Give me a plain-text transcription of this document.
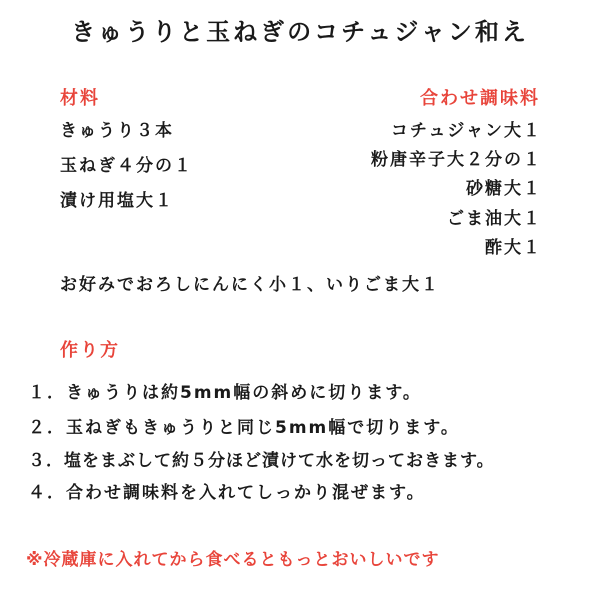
きゅうりと玉ねぎのコチュジャン和え
材料
きゅうり３本
玉ねぎ４分の１
漬け用塩大１
合わせ調味料
コチュジャン大１
粉唐辛子大２分の１
砂糖大１
ごま油大１
酢大１
お好みでおろしにんにく小１、いりごま大１
作り方
１．きゅうりは約5mm幅の斜めに切ります。
２．玉ねぎもきゅうりと同じ5mm幅で切ります。
３．塩をまぶして約５分ほど漬けて水を切っておきます。
４．合わせ調味料を入れてしっかり混ぜます。
※冷蔵庫に入れてから食べるともっとおいしいです
